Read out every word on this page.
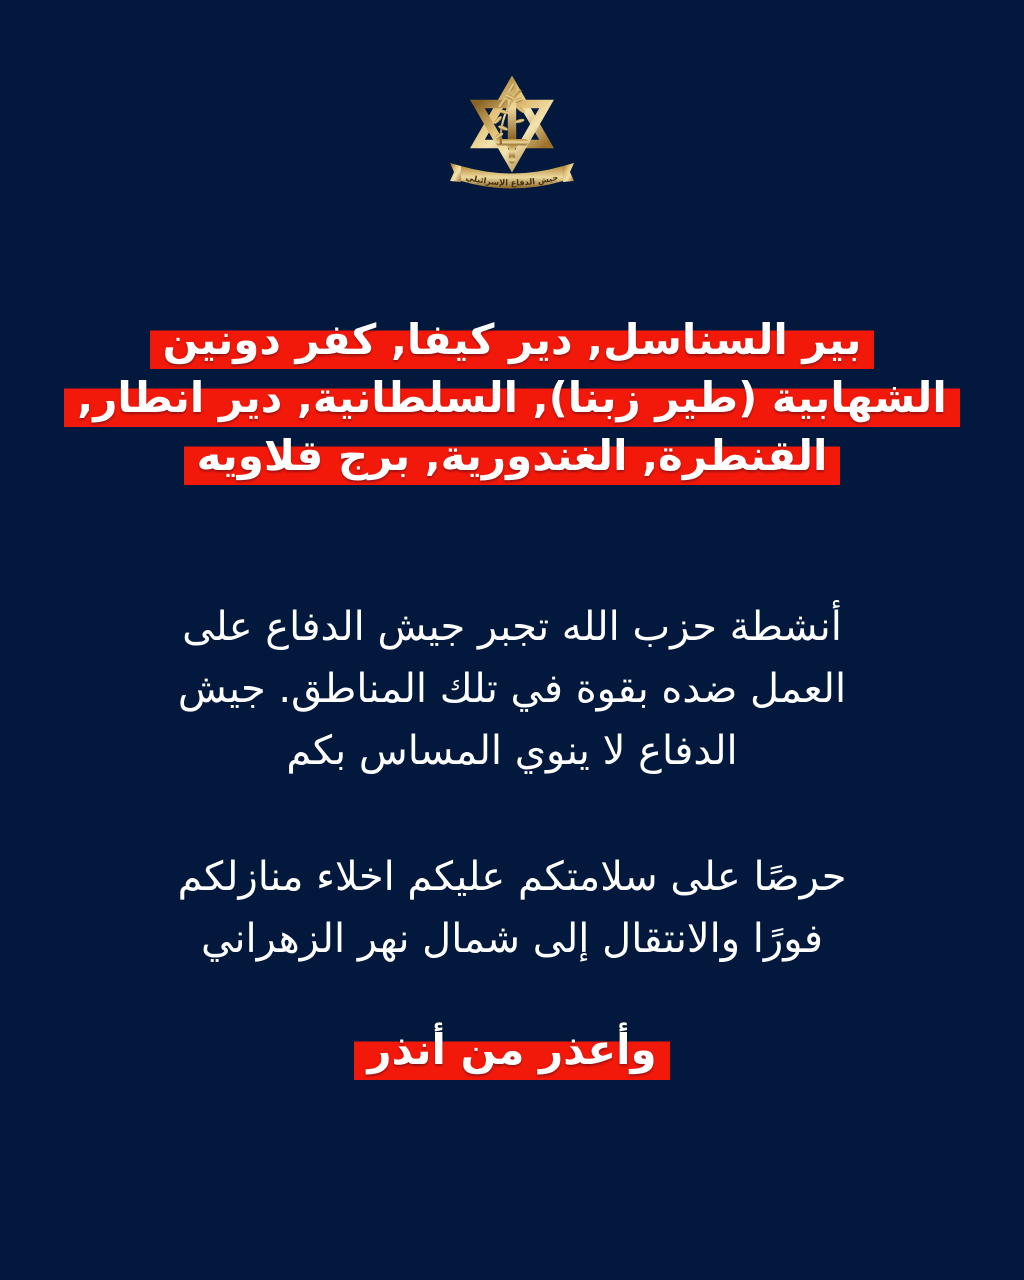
جيش الدفاع الإسرائيلي
بير السناسل, دير كيفا, كفر دونين
الشهابية (طير زبنا), السلطانية, دير انطار,
القنطرة, الغندورية, برج قلاويه
أنشطة حزب الله تجبر جيش الدفاع على
العمل ضده بقوة في تلك المناطق. جيش
الدفاع لا ينوي المساس بكم
حرصًا على سلامتكم عليكم اخلاء منازلكم
فورًا والانتقال إلى شمال نهر الزهراني
وأعذر من أنذر
